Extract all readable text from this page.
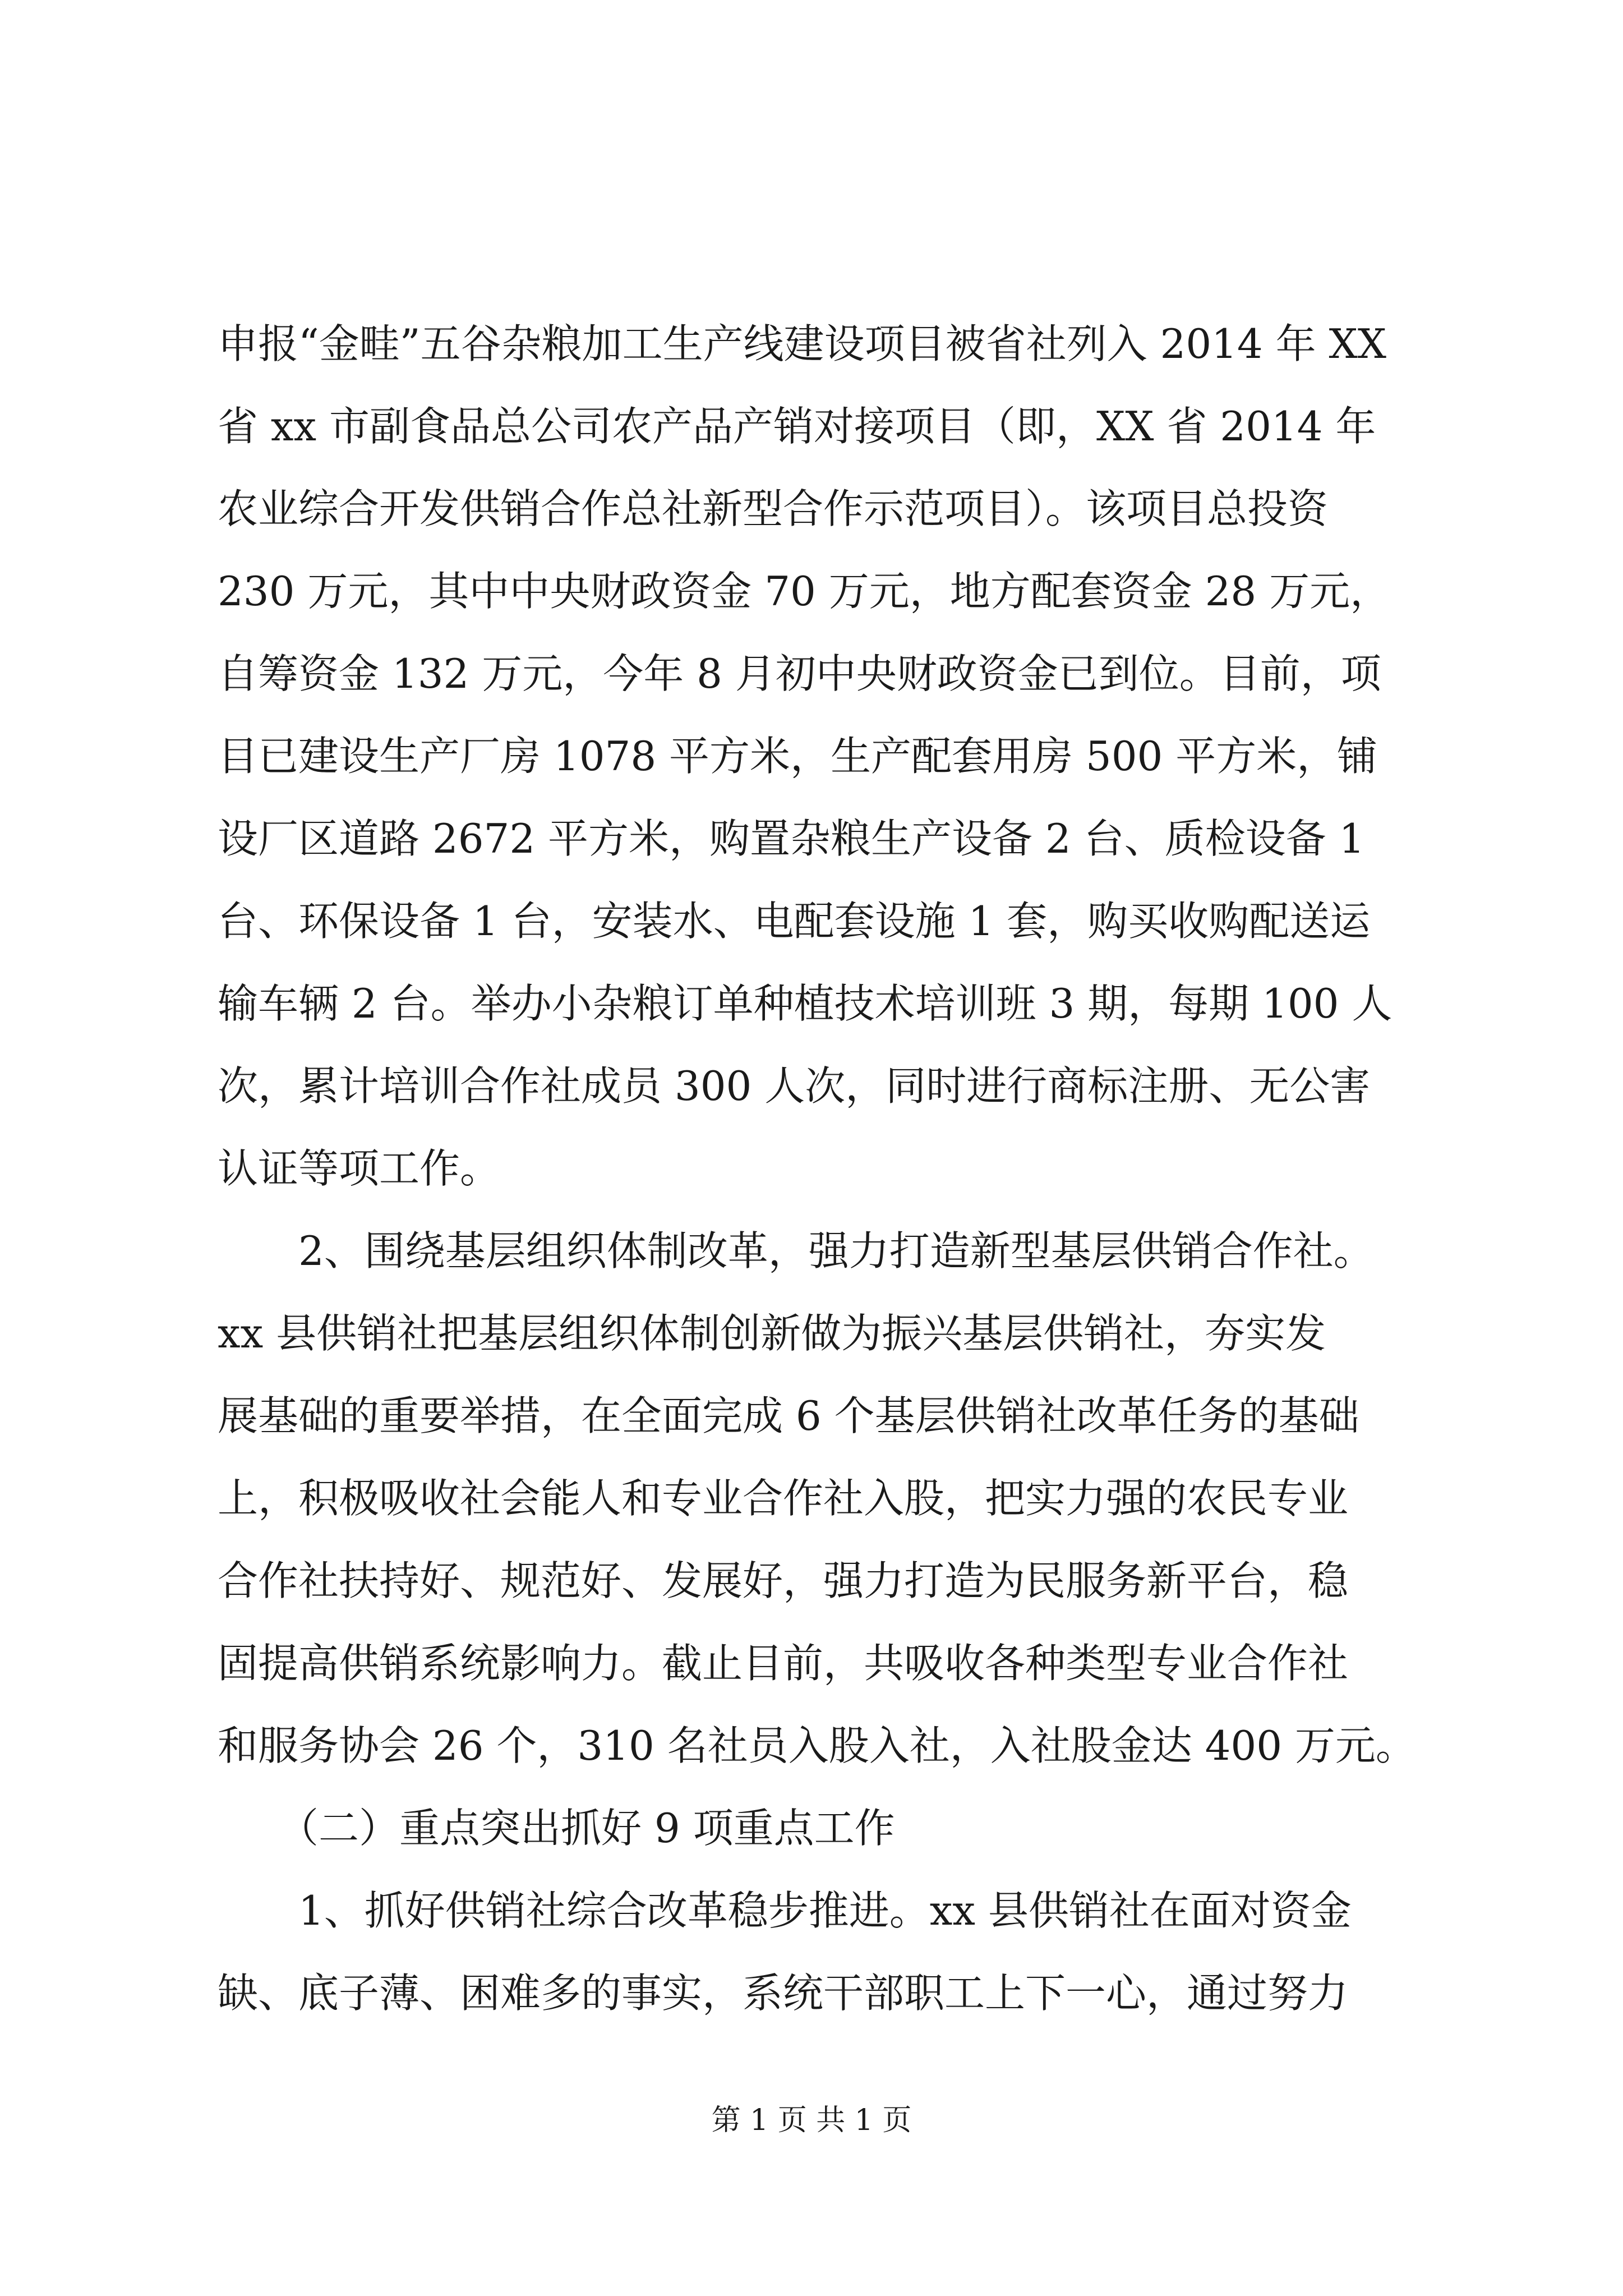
申报“金畦”五谷杂粮加工生产线建设项目被省社列入 2014 年 XX
省 xx 市副食品总公司农产品产销对接项目（即，XX 省 2014 年
农业综合开发供销合作总社新型合作示范项目）。该项目总投资
230 万元，其中中央财政资金 70 万元，地方配套资金 28 万元，
自筹资金 132 万元，今年 8 月初中央财政资金已到位。目前，项
目已建设生产厂房 1078 平方米，生产配套用房 500 平方米，铺
设厂区道路 2672 平方米，购置杂粮生产设备 2 台、质检设备 1
台、环保设备 1 台，安装水、电配套设施 1 套，购买收购配送运
输车辆 2 台。举办小杂粮订单种植技术培训班 3 期，每期 100 人
次，累计培训合作社成员 300 人次，同时进行商标注册、无公害
认证等项工作。
　　2、围绕基层组织体制改革，强力打造新型基层供销合作社。
xx 县供销社把基层组织体制创新做为振兴基层供销社，夯实发
展基础的重要举措，在全面完成 6 个基层供销社改革任务的基础
上，积极吸收社会能人和专业合作社入股，把实力强的农民专业
合作社扶持好、规范好、发展好，强力打造为民服务新平台，稳
固提高供销系统影响力。截止目前，共吸收各种类型专业合作社
和服务协会 26 个，310 名社员入股入社，入社股金达 400 万元。
　　（二）重点突出抓好 9 项重点工作
　　1、抓好供销社综合改革稳步推进。xx 县供销社在面对资金
缺、底子薄、困难多的事实，系统干部职工上下一心，通过努力
第 1 页 共 1 页
